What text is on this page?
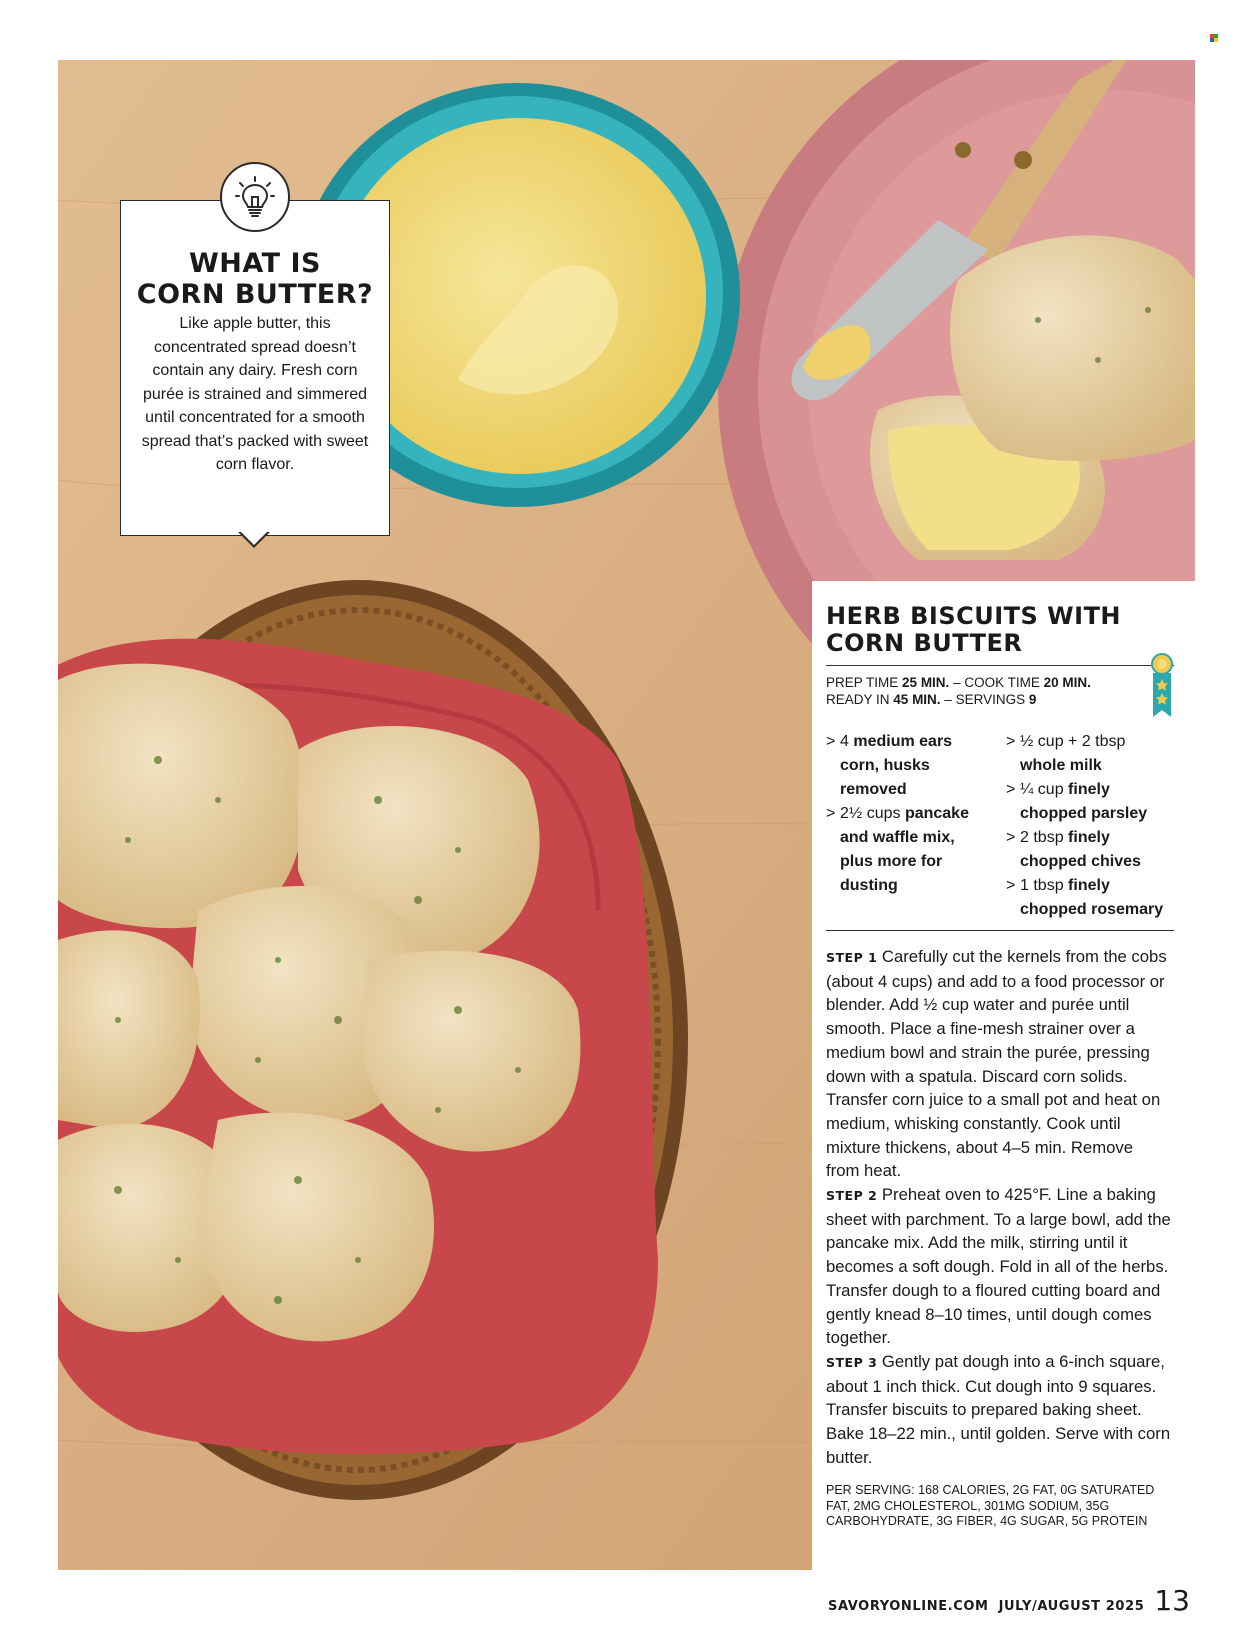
WHAT IS
CORN BUTTER?
Like apple butter, this concentrated spread doesn’t contain any dairy. Fresh corn purée is strained and simmered until concentrated for a smooth spread that’s packed with sweet corn flavor.
HERB BISCUITS WITH
CORN BUTTER
PREP TIME 25 MIN. – COOK TIME 20 MIN.
READY IN 45 MIN. – SERVINGS 9
> 4 medium ears corn, husks removed
> 2½ cups pancake and waffle mix, plus more for dusting
> ½ cup + 2 tbsp whole milk
> ¼ cup finely chopped parsley
> 2 tbsp finely chopped chives
> 1 tbsp finely chopped rosemary

STEP 1 Carefully cut the kernels from the cobs (about 4 cups) and add to a food processor or blender. Add ½ cup water and purée until smooth. Place a fine-mesh strainer over a medium bowl and strain the purée, pressing down with a spatula. Discard corn solids. Transfer corn juice to a small pot and heat on medium, whisking constantly. Cook until mixture thickens, about 4–5 min. Remove from heat.

STEP 2 Preheat oven to 425°F. Line a baking sheet with parchment. To a large bowl, add the pancake mix. Add the milk, stirring until it becomes a soft dough. Fold in all of the herbs. Transfer dough to a floured cutting board and gently knead 8–10 times, until dough comes together.

STEP 3 Gently pat dough into a 6-inch square, about 1 inch thick. Cut dough into 9 squares. Transfer biscuits to prepared baking sheet. Bake 18–22 min., until golden. Serve with corn butter.

PER SERVING: 168 CALORIES, 2G FAT, 0G SATURATED FAT, 2MG CHOLESTEROL, 301MG SODIUM, 35G CARBOHYDRATE, 3G FIBER, 4G SUGAR, 5G PROTEIN
SAVORYONLINE.COM JULY/AUGUST 2025 13
